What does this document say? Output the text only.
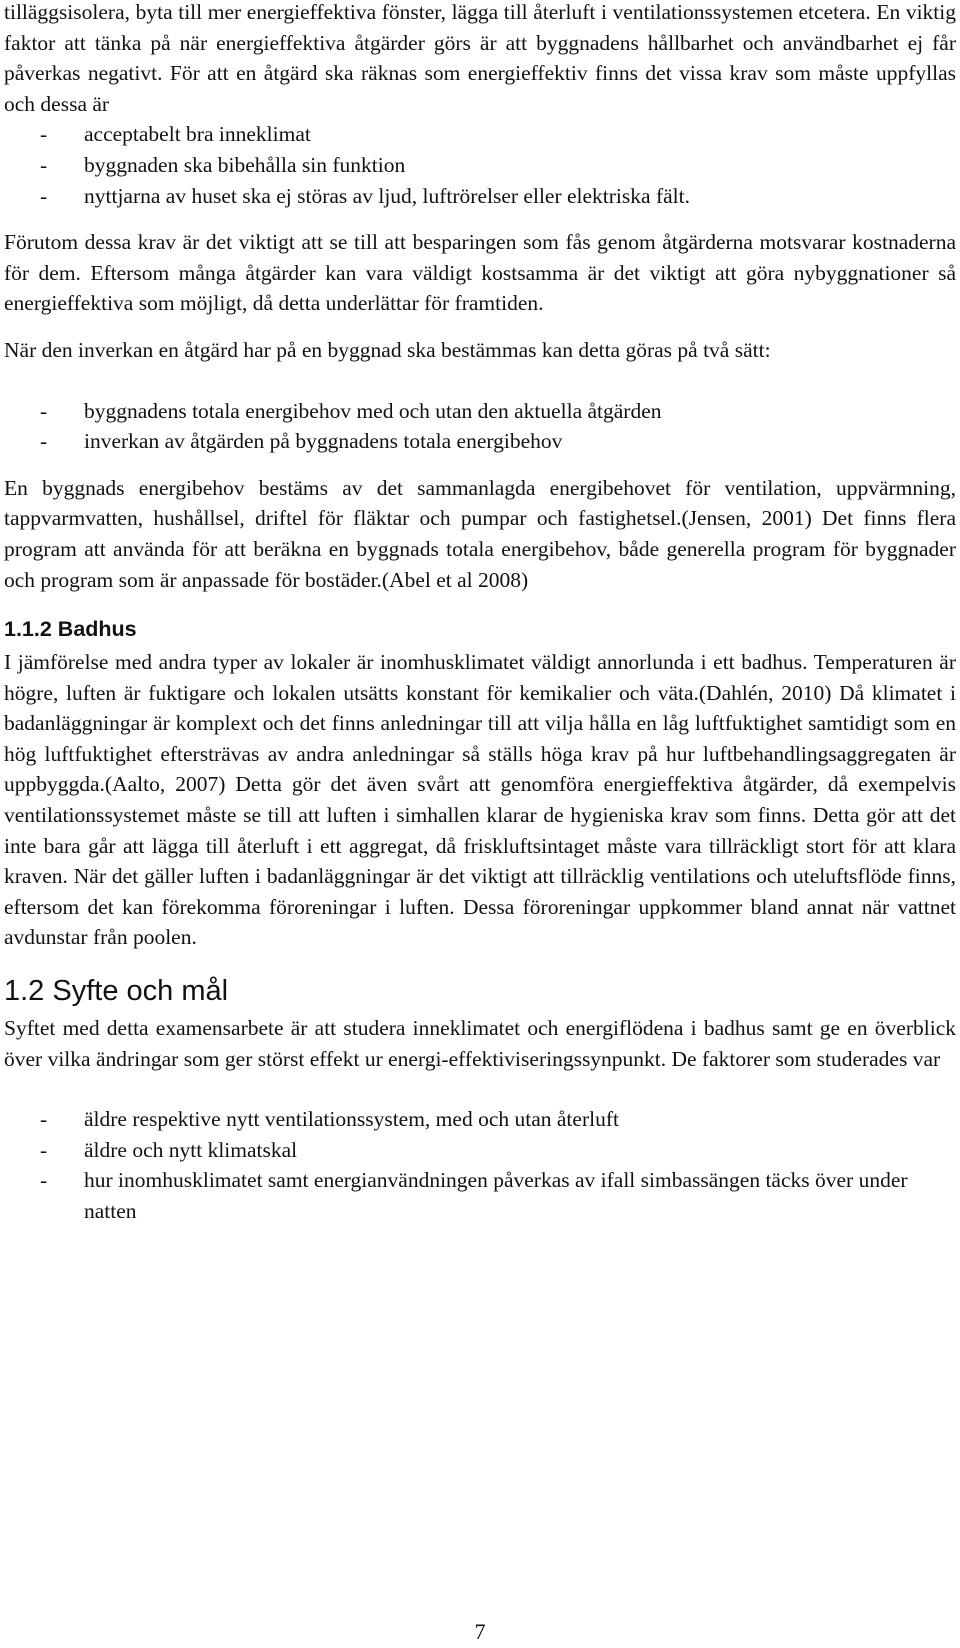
tilläggsisolera, byta till mer energieffektiva fönster, lägga till återluft i ventilationssystemen etcetera. En viktig faktor att tänka på när energieffektiva åtgärder görs är att byggnadens hållbarhet och användbarhet ej får påverkas negativt. För att en åtgärd ska räknas som energieffektiv finns det vissa krav som måste uppfyllas och dessa är

- acceptabelt bra inneklimat
- byggnaden ska bibehålla sin funktion
- nyttjarna av huset ska ej störas av ljud, luftrörelser eller elektriska fält.

Förutom dessa krav är det viktigt att se till att besparingen som fås genom åtgärderna motsvarar kostnaderna för dem. Eftersom många åtgärder kan vara väldigt kostsamma är det viktigt att göra nybyggnationer så energieffektiva som möjligt, då detta underlättar för framtiden.

När den inverkan en åtgärd har på en byggnad ska bestämmas kan detta göras på två sätt:

- byggnadens totala energibehov med och utan den aktuella åtgärden
- inverkan av åtgärden på byggnadens totala energibehov

En byggnads energibehov bestäms av det sammanlagda energibehovet för ventilation, uppvärmning, tappvarmvatten, hushållsel, driftel för fläktar och pumpar och fastighetsel.(Jensen, 2001) Det finns flera program att använda för att beräkna en byggnads totala energibehov, både generella program för byggnader och program som är anpassade för bostäder.(Abel et al 2008)

1.1.2 Badhus

I jämförelse med andra typer av lokaler är inomhusklimatet väldigt annorlunda i ett badhus. Temperaturen är högre, luften är fuktigare och lokalen utsätts konstant för kemikalier och väta.(Dahlén, 2010) Då klimatet i badanläggningar är komplext och det finns anledningar till att vilja hålla en låg luftfuktighet samtidigt som en hög luftfuktighet eftersträvas av andra anledningar så ställs höga krav på hur luftbehandlingsaggregaten är uppbyggda.(Aalto, 2007) Detta gör det även svårt att genomföra energieffektiva åtgärder, då exempelvis ventilationssystemet måste se till att luften i simhallen klarar de hygieniska krav som finns. Detta gör att det inte bara går att lägga till återluft i ett aggregat, då friskluftsintaget måste vara tillräckligt stort för att klara kraven. När det gäller luften i badanläggningar är det viktigt att tillräcklig ventilations och uteluftsflöde finns, eftersom det kan förekomma föroreningar i luften. Dessa föroreningar uppkommer bland annat när vattnet avdunstar från poolen.

1.2 Syfte och mål

Syftet med detta examensarbete är att studera inneklimatet och energiflödena i badhus samt ge en överblick över vilka ändringar som ger störst effekt ur energi-effektiviseringssynpunkt. De faktorer som studerades var

- äldre respektive nytt ventilationssystem, med och utan återluft
- äldre och nytt klimatskal
- hur inomhusklimatet samt energianvändningen påverkas av ifall simbassängen täcks över under natten
7
